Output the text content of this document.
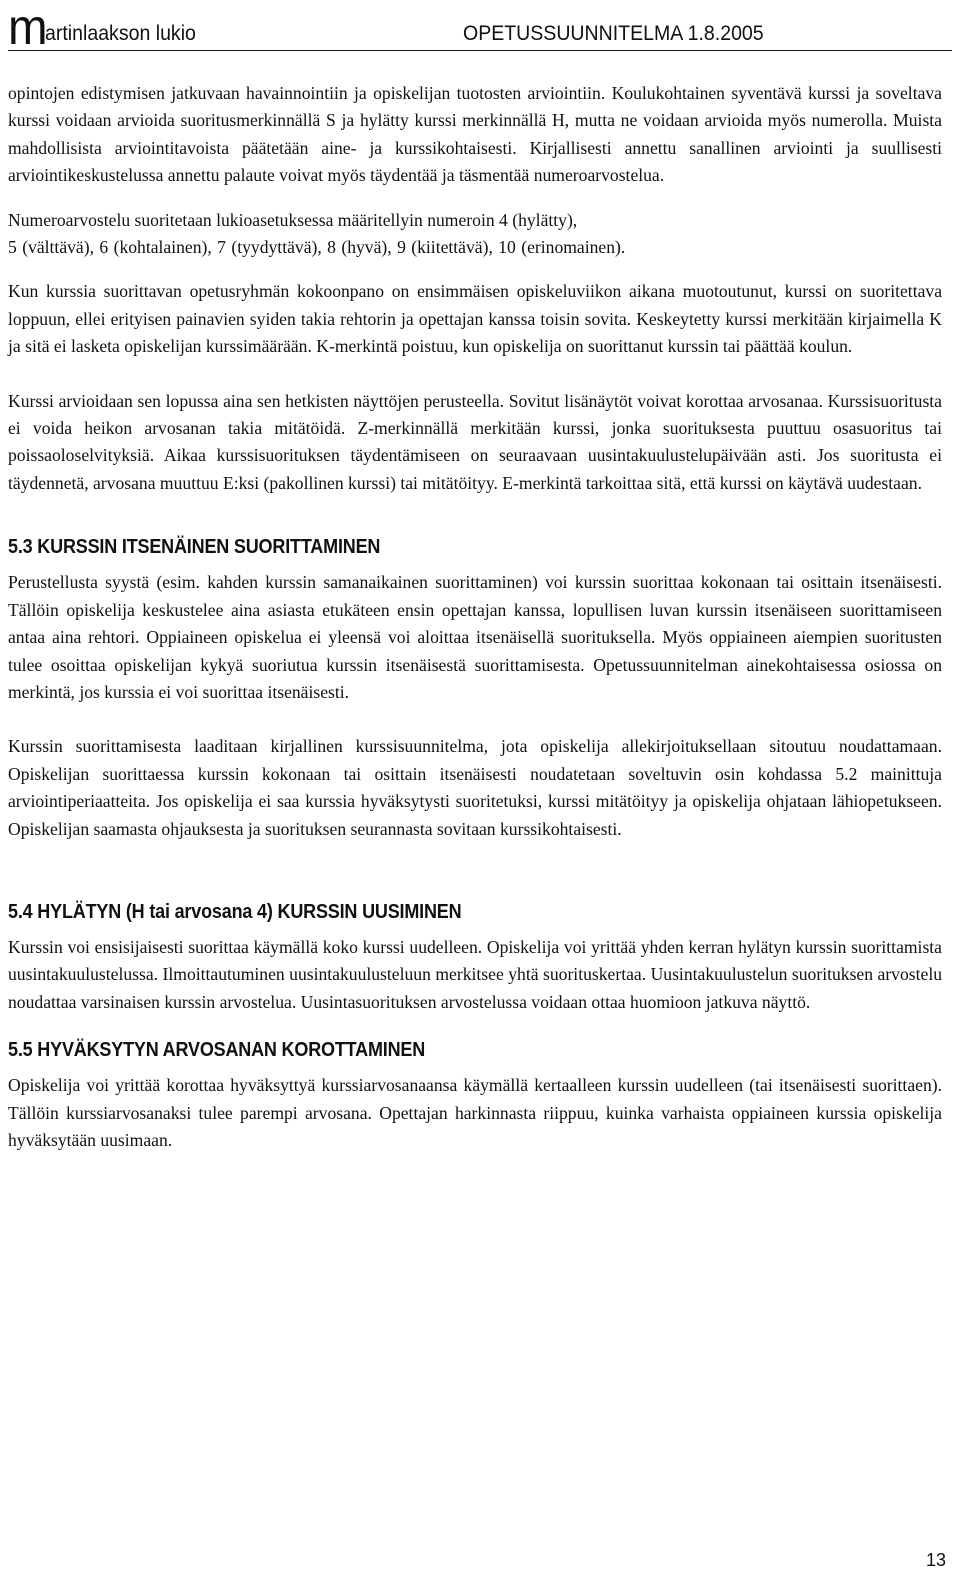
m
artinlaakson lukio	OPETUSSUUNNITELMA 1.8.2005

opintojen edistymisen jatkuvaan havainnointiin ja opiskelijan tuotosten arviointiin. Koulukohtainen syventävä kurssi ja soveltava kurssi voidaan arvioida suoritusmerkinnällä S ja hylätty kurssi merkinnällä H, mutta ne voidaan arvioida myös numerolla. Muista mahdollisista arviointitavoista päätetään aine- ja kurssikohtaisesti. Kirjallisesti annettu sanallinen arviointi ja suullisesti arviointikeskustelussa annettu palaute voivat myös täydentää ja täsmentää numeroarvostelua.

Numeroarvostelu suoritetaan lukioasetuksessa määritellyin numeroin 4 (hylätty),

5 (välttävä), 6 (kohtalainen), 7 (tyydyttävä), 8 (hyvä), 9 (kiitettävä), 10 (erinomainen).

Kun kurssia suorittavan opetusryhmän kokoonpano on ensimmäisen opiskeluviikon aikana muotoutunut, kurssi on suoritettava loppuun, ellei erityisen painavien syiden takia rehtorin ja opettajan kanssa toisin sovita. Keskeytetty kurssi merkitään kirjaimella K ja sitä ei lasketa opiskelijan kurssimäärään. K-merkintä poistuu, kun opiskelija on suorittanut kurssin tai päättää koulun.

Kurssi arvioidaan sen lopussa aina sen hetkisten näyttöjen perusteella. Sovitut lisänäytöt voivat korottaa arvosanaa. Kurssisuoritusta ei voida heikon arvosanan takia mitätöidä. Z-merkinnällä merkitään kurssi, jonka suorituksesta puuttuu osasuoritus tai poissaoloselvityksiä. Aikaa kurssisuorituksen täydentämiseen on seuraavaan uusintakuulustelupäivään asti. Jos suoritusta ei täydennetä, arvosana muuttuu E:ksi (pakollinen kurssi) tai mitätöityy. E-merkintä tarkoittaa sitä, että kurssi on käytävä uudestaan.

5.3 KURSSIN ITSENÄINEN SUORITTAMINEN

Perustellusta syystä (esim. kahden kurssin samanaikainen suorittaminen) voi kurssin suorittaa kokonaan tai osittain itsenäisesti. Tällöin opiskelija keskustelee aina asiasta etukäteen ensin opettajan kanssa, lopullisen luvan kurssin itsenäiseen suorittamiseen antaa aina rehtori. Oppiaineen opiskelua ei yleensä voi aloittaa itsenäisellä suorituksella. Myös oppiaineen aiempien suoritusten tulee osoittaa opiskelijan kykyä suoriutua kurssin itsenäisestä suorittamisesta. Opetussuunnitelman ainekohtaisessa osiossa on merkintä, jos kurssia ei voi suorittaa itsenäisesti.

Kurssin suorittamisesta laaditaan kirjallinen kurssisuunnitelma, jota opiskelija allekirjoituksellaan sitoutuu noudattamaan. Opiskelijan suorittaessa kurssin kokonaan tai osittain itsenäisesti noudatetaan soveltuvin osin kohdassa 5.2 mainittuja arviointiperiaatteita. Jos opiskelija ei saa kurssia hyväksytysti suoritetuksi, kurssi mitätöityy ja opiskelija ohjataan lähiopetukseen. Opiskelijan saamasta ohjauksesta ja suorituksen seurannasta sovitaan kurssikohtaisesti.

5.4 HYLÄTYN (H tai arvosana 4) KURSSIN UUSIMINEN

Kurssin voi ensisijaisesti suorittaa käymällä koko kurssi uudelleen. Opiskelija voi yrittää yhden kerran hylätyn kurssin suorittamista uusintakuulustelussa. Ilmoittautuminen uusintakuulusteluun merkitsee yhtä suorituskertaa. Uusintakuulustelun suorituksen arvostelu noudattaa varsinaisen kurssin arvostelua. Uusintasuorituksen arvostelussa voidaan ottaa huomioon jatkuva näyttö.

5.5 HYVÄKSYTYN ARVOSANAN KOROTTAMINEN

Opiskelija voi yrittää korottaa hyväksyttyä kurssiarvosanaansa käymällä kertaalleen kurssin uudelleen (tai itsenäisesti suorittaen). Tällöin kurssiarvosanaksi tulee parempi arvosana. Opettajan harkinnasta riippuu, kuinka varhaista oppiaineen kurssia opiskelija hyväksytään uusimaan.

13
